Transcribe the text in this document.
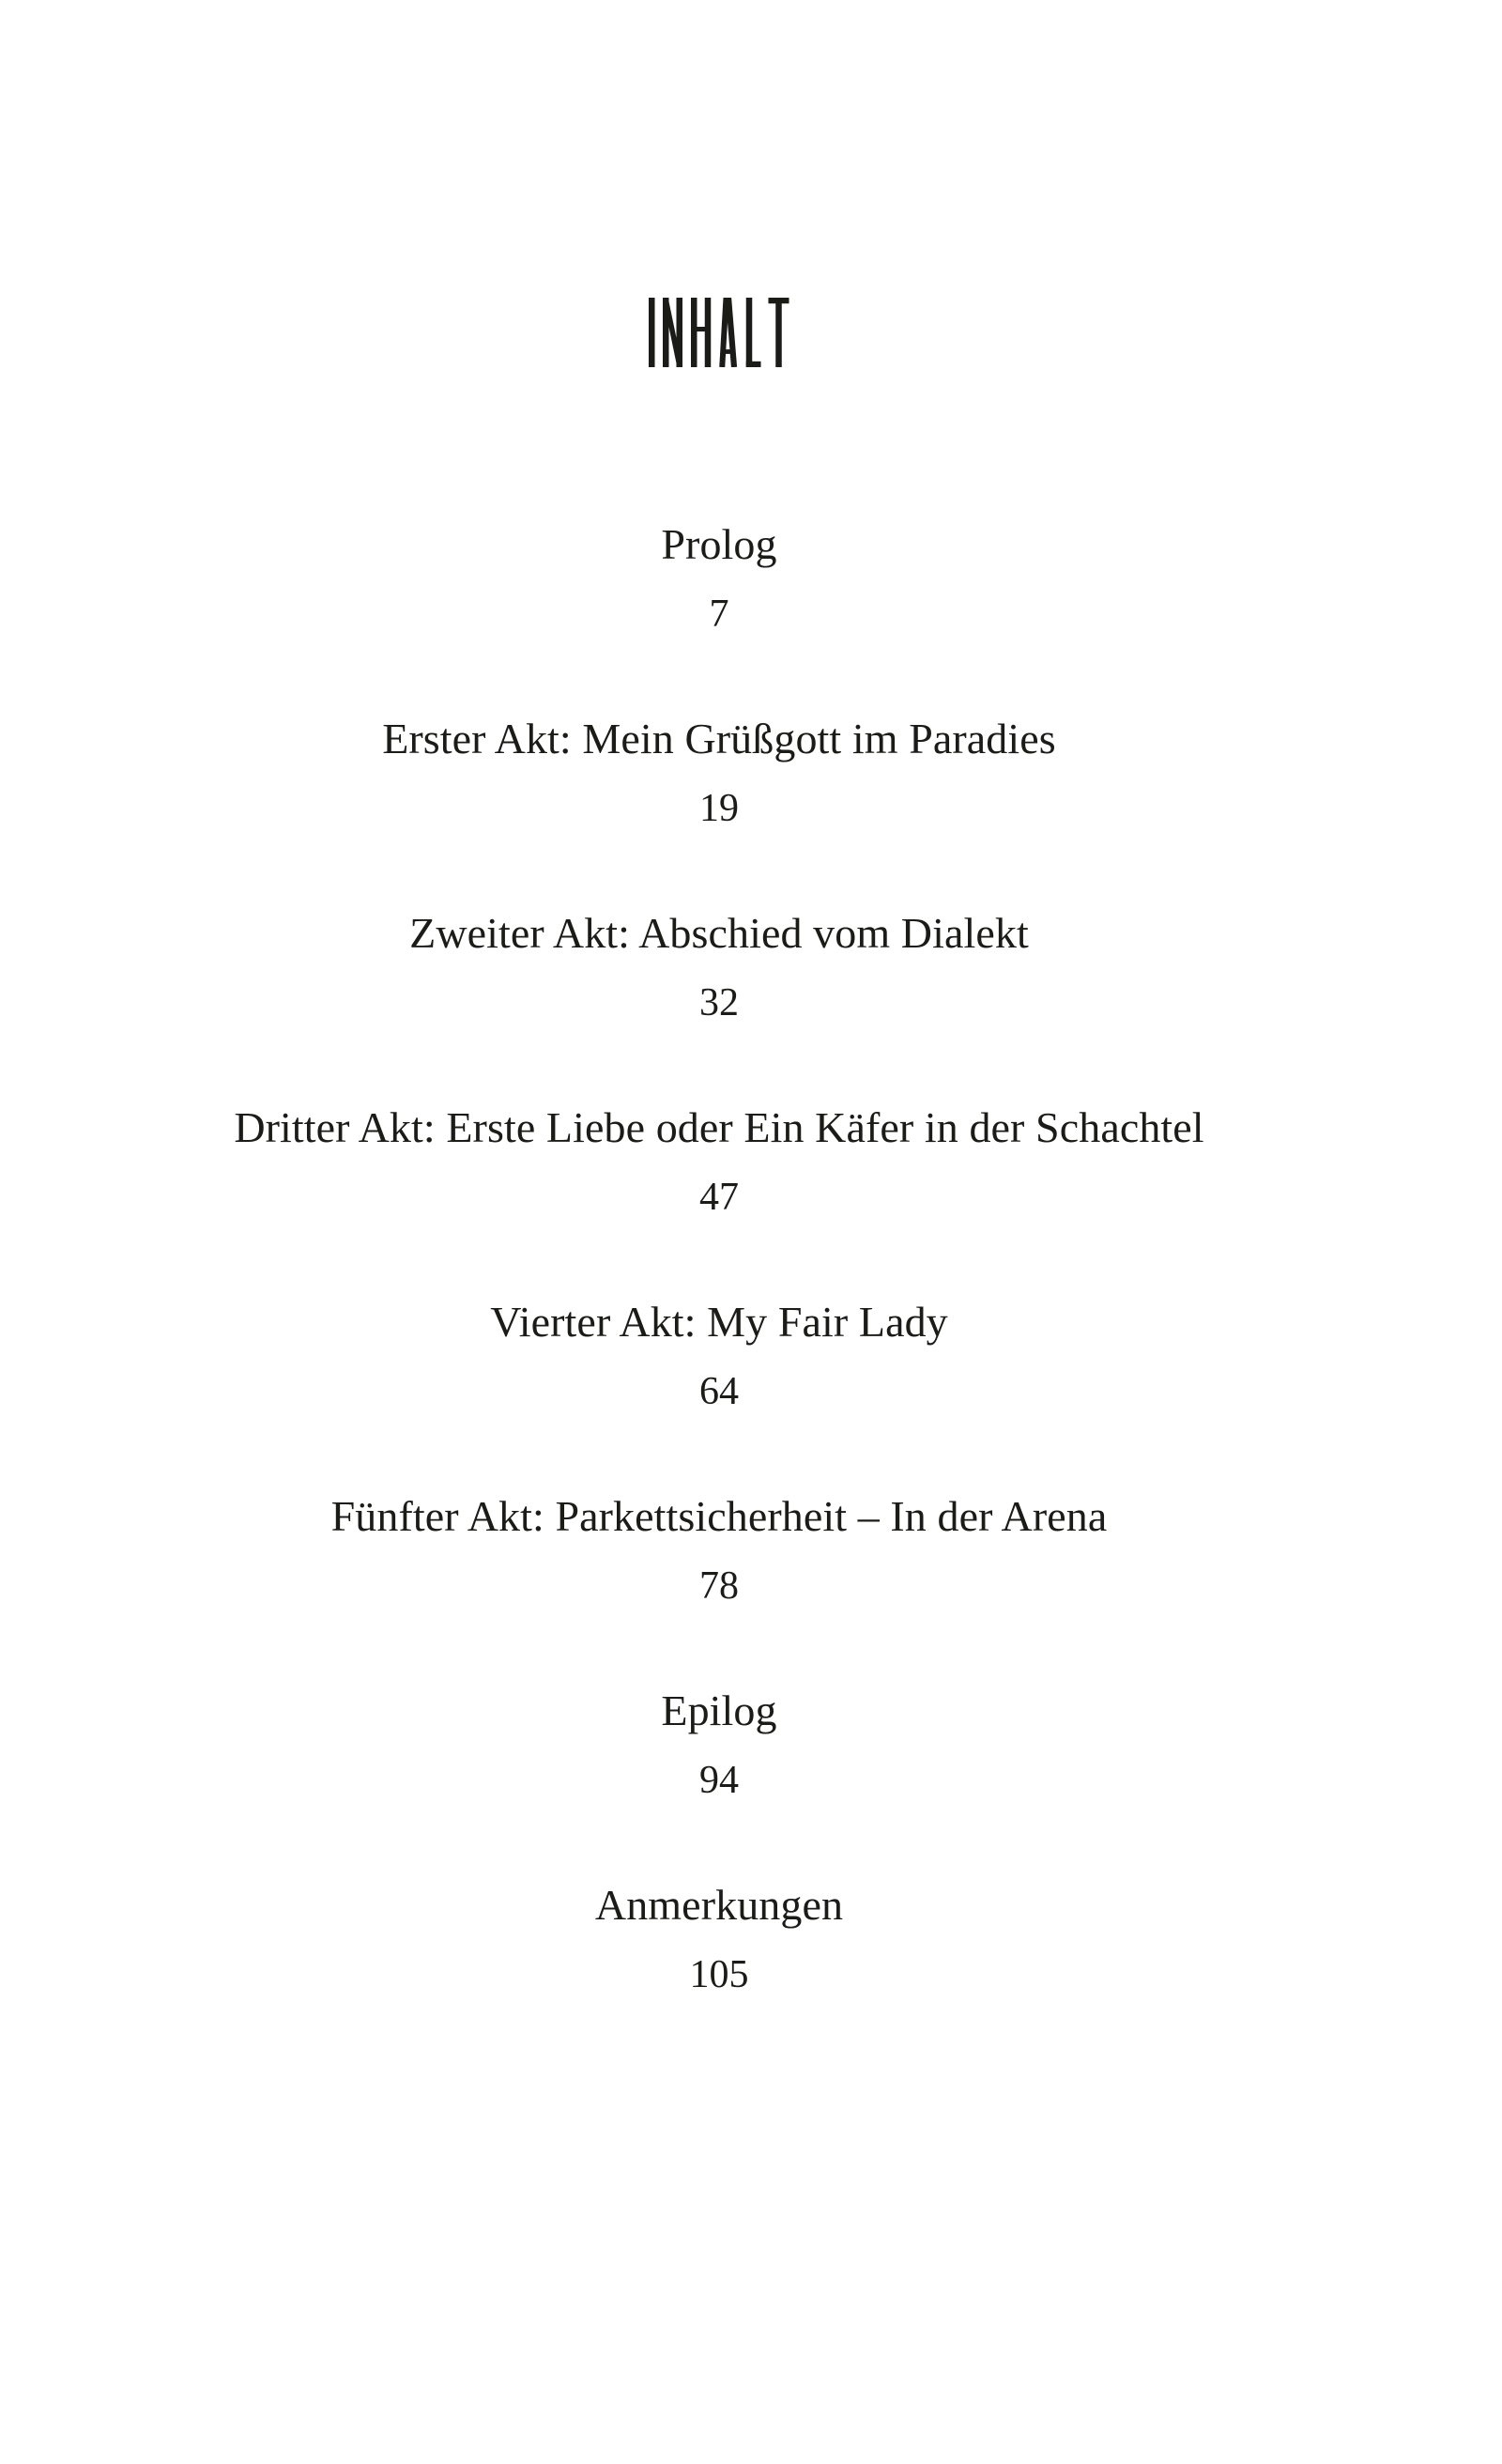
Prolog
7
Erster Akt: Mein Grüßgott im Paradies
19
Zweiter Akt: Abschied vom Dialekt
32
Dritter Akt: Erste Liebe oder Ein Käfer in der Schachtel
47
Vierter Akt: My Fair Lady
64
Fünfter Akt: Parkettsicherheit – In der Arena
78
Epilog
94
Anmerkungen
105
